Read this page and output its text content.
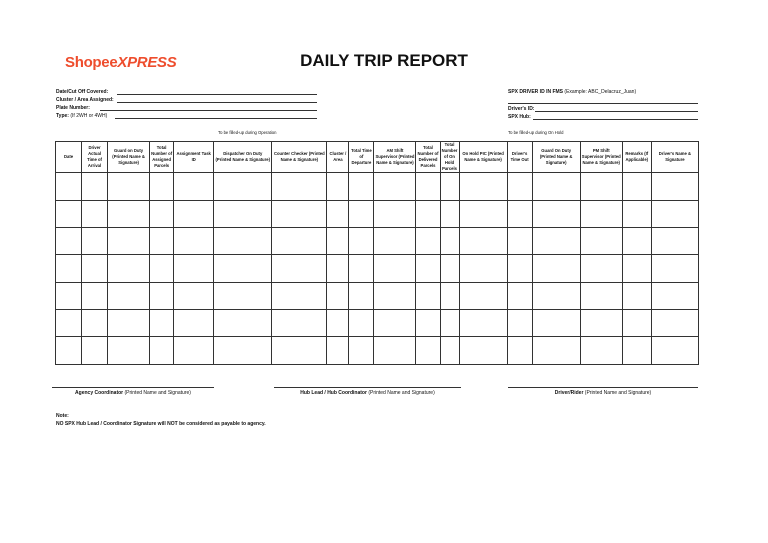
ShopeeXPRESS	DAILY TRIP REPORT
Date/Cut Off Covered:
Cluster / Area Assigned:
Plate Number:
Type: (If 2WH or 4WH)
SPX DRIVER ID IN FMS (Example: ABC_Delacruz_Juan)
Driver's ID:
SPX Hub:
To be filled-up during Operation	To be filled-up during On Hold
Date	Driver Actual Time of Arrival	Guard on Duty (Printed Name & Signature)	Total Number of Assigned Parcels	Assignment Task ID	Dispatcher On Duty (Printed Name & Signature)	Counter Checker (Printed Name & Signature)	Cluster / Area	Total Time of Departure	AM Shift Supervisor (Printed Name & Signature)	Total Number of Delivered Parcels	Total Number of On Hold Parcels	On Hold PIC (Printed Name & Signature)	Driver's Time Out	Guard On Duty (Printed Name & Signature)	PM Shift Supervisor (Printed Name & Signature)	Remarks (If Applicable)	Driver's Name & Signature

Agency Coordinator (Printed Name and Signature)	Hub Lead / Hub Coordinator (Printed Name and Signature)	Driver/Rider (Printed Name and Signature)
Note:
NO SPX Hub Lead / Coordinator Signature will NOT be considered as payable to agency.
